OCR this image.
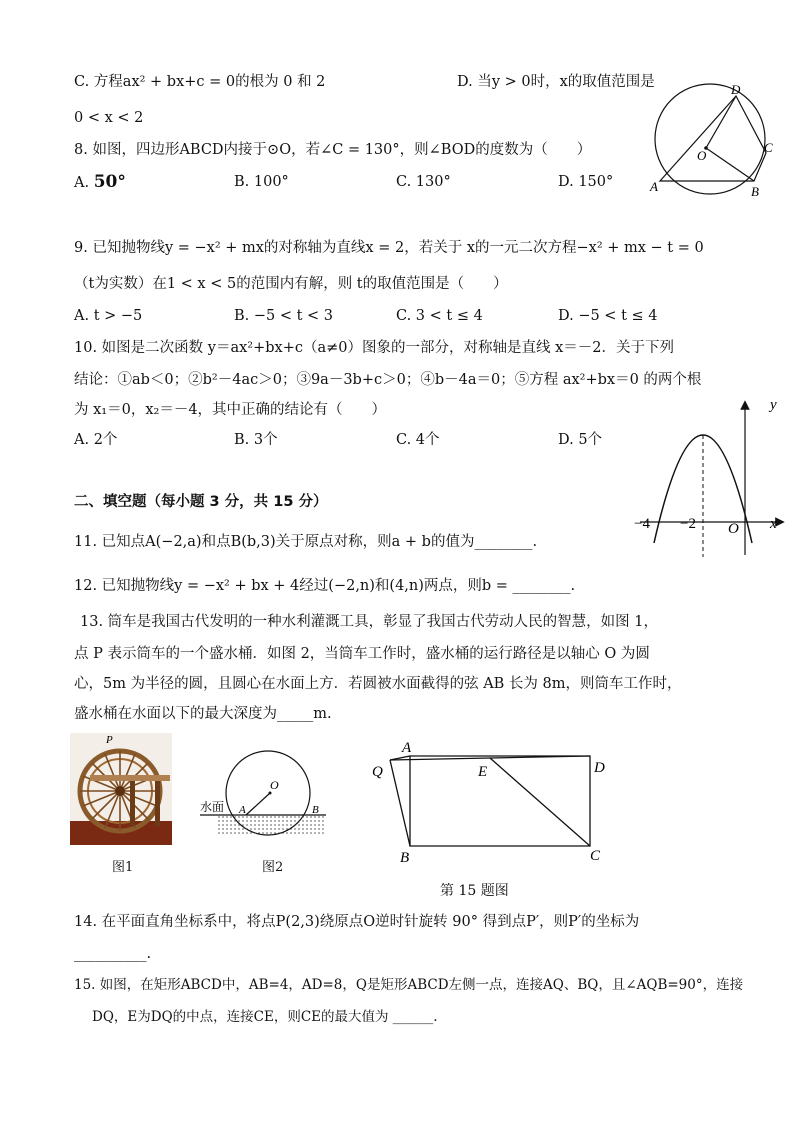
C. 方程ax² + bx+c = 0的根为 0 和 2	D. 当y > 0时，x的取值范围是
0 < x < 2
8. 如图，四边形ABCD内接于⊙O，若∠C = 130°，则∠BOD的度数为（　　）
A. 50°	B. 100°	C. 130°	D. 150°	A	B
C
D
O
9. 已知抛物线y = −x² + mx的对称轴为直线x = 2，若关于 x的一元二次方程−x² + mx − t = 0
（t为实数）在1 < x < 5的范围内有解，则 t的取值范围是（　　）
A. t > −5	B. −5 < t < 3	C. 3 < t ≤ 4	D. −5 < t ≤ 4
10. 如图是二次函数 y＝ax²+bx+c（a≠0）图象的一部分，对称轴是直线 x＝－2．关于下列
结论：①ab＜0；②b²－4ac＞0；③9a－3b+c＞0；④b－4a＝0；⑤方程 ax²+bx＝0 的两个根
为 x₁＝0，x₂＝－4，其中正确的结论有（　　）
A. 2个	B. 3个	C. 4个	D. 5个
y
x
−4 −2 O
二、填空题（每小题 3 分，共 15 分）
11. 已知点A(−2,a)和点B(b,3)关于原点对称，则a + b的值为________.
12. 已知抛物线y = −x² + bx + 4经过(−2,n)和(4,n)两点，则b = ________.
13. 筒车是我国古代发明的一种水利灌溉工具，彰显了我国古代劳动人民的智慧，如图 1，
点 P 表示筒车的一个盛水桶．如图 2，当筒车工作时，盛水桶的运行路径是以轴心 O 为圆
心，5m 为半径的圆，且圆心在水面上方．若圆被水面截得的弦 AB 长为 8m，则筒车工作时，
盛水桶在水面以下的最大深度为_____m.
P
图1
O
A	B
水面
图2
A
D
Q	E
B	C
第 15 题图
14. 在平面直角坐标系中，将点P(2,3)绕原点O逆时针旋转 90° 得到点P′，则P′的坐标为
__________.
15. 如图，在矩形ABCD中，AB=4，AD=8，Q是矩形ABCD左侧一点，连接AQ、BQ，且∠AQB=90°，连接
DQ，E为DQ的中点，连接CE，则CE的最大值为 ______.
